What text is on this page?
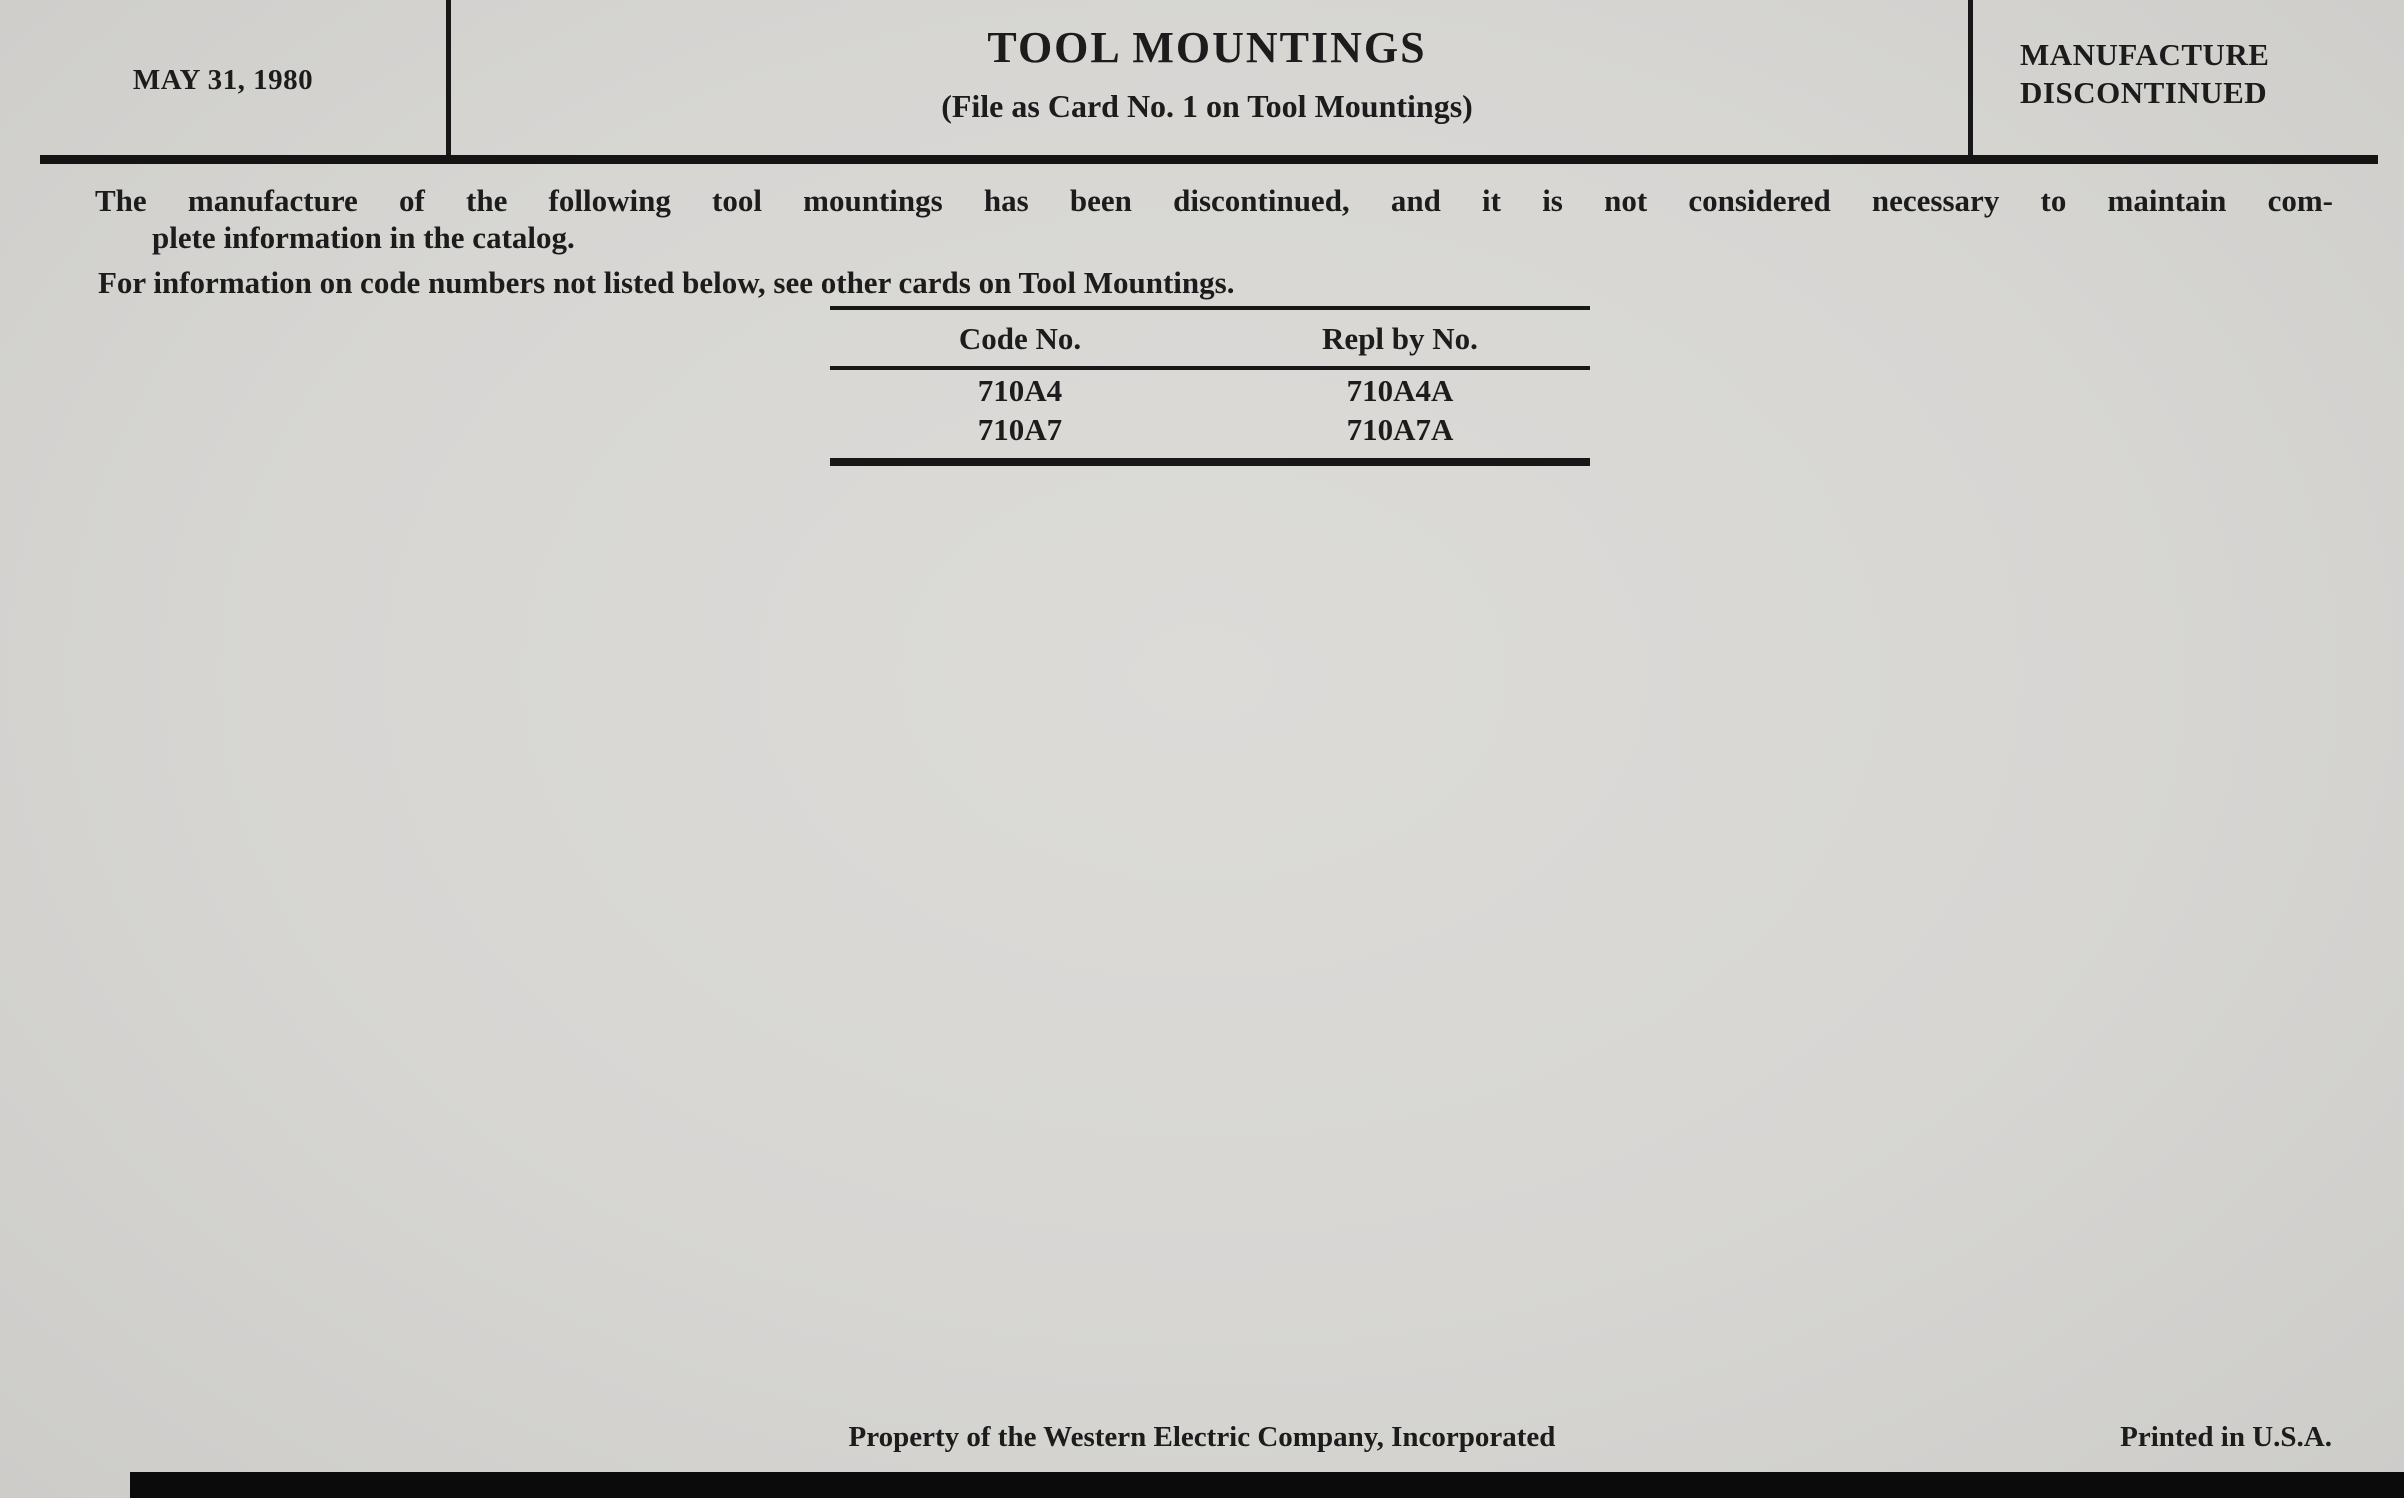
MAY 31, 1980
TOOL MOUNTINGS
(File as Card No. 1 on Tool Mountings)
MANUFACTURE
DISCONTINUED
The manufacture of the following tool mountings has been discontinued, and it is not considered necessary to maintain com-
plete information in the catalog.
For information on code numbers not listed below, see other cards on Tool Mountings.
Code No.	Repl by No.
710A4	710A4A
710A7	710A7A
Property of the Western Electric Company, Incorporated	Printed in U.S.A.
